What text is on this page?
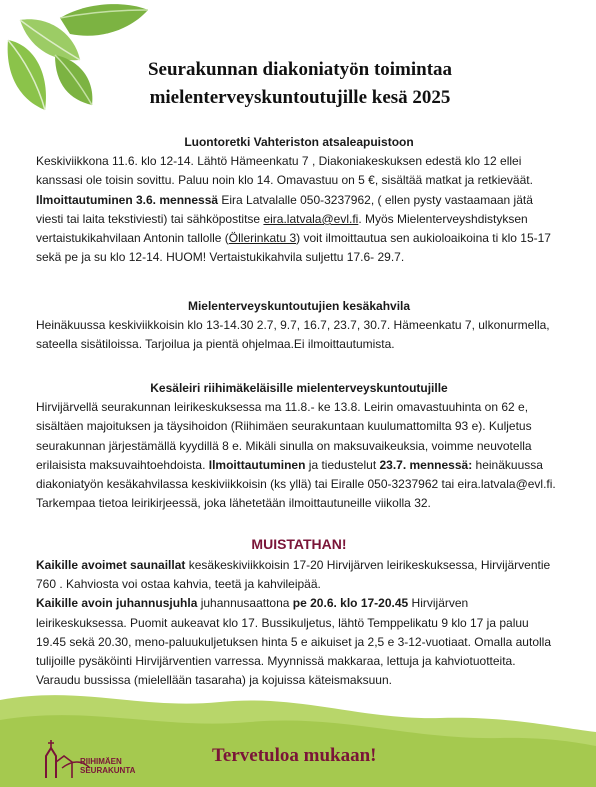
Seurakunnan diakoniatyön toimintaa
mielenterveyskuntoutujille kesä 2025
Luontoretki Vahteriston atsaleapuistoon

Keskiviikkona 11.6. klo 12-14. Lähtö Hämeenkatu 7 , Diakoniakeskuksen edestä klo 12 ellei kanssasi ole toisin sovittu. Paluu noin klo 14. Omavastuu on 5 €, sisältää matkat ja retkieväät. Ilmoittautuminen 3.6. mennessä Eira Latvalalle 050-3237962, ( ellen pysty vastaamaan jätä viesti tai laita tekstiviesti) tai sähköpostitse eira.latvala@evl.fi. Myös Mielenterveyshdistyksen vertaistukikahvilaan Antonin tallolle (Öllerinkatu 3) voit ilmoittautua sen aukioloaikoina ti klo 15-17 sekä pe ja su klo 12-14. HUOM! Vertaistukikahvila suljettu 17.6- 29.7.

Mielenterveyskuntoutujien kesäkahvila

Heinäkuussa keskiviikkoisin klo 13-14.30 2.7, 9.7, 16.7, 23.7, 30.7. Hämeenkatu 7, ulkonurmella, sateella sisätiloissa. Tarjoilua ja pientä ohjelmaa.Ei ilmoittautumista.

Kesäleiri riihimäkeläisille mielenterveyskuntoutujille

Hirvijärvellä seurakunnan leirikeskuksessa ma 11.8.- ke 13.8. Leirin omavastuuhinta on 62 e, sisältäen majoituksen ja täysihoidon (Riihimäen seurakuntaan kuulumattomilta 93 e). Kuljetus seurakunnan järjestämällä kyydillä 8 e. Mikäli sinulla on maksuvaikeuksia, voimme neuvotella erilaisista maksuvaihtoehdoista. Ilmoittautuminen ja tiedustelut 23.7. mennessä: heinäkuussa diakoniatyön kesäkahvilassa keskiviikkoisin (ks yllä) tai Eiralle 050-3237962 tai eira.latvala@evl.fi. Tarkempaa tietoa leirikirjeessä, joka lähetetään ilmoittautuneille viikolla 32.

MUISTATHAN!

Kaikille avoimet saunaillat kesäkeskiviikkoisin 17-20 Hirvijärven leirikeskuksessa, Hirvijärventie 760 . Kahviosta voi ostaa kahvia, teetä ja kahvileipää.
Kaikille avoin juhannusjuhla juhannusaattona pe 20.6. klo 17-20.45 Hirvijärven leirikeskuksessa. Puomit aukeavat klo 17. Bussikuljetus, lähtö Temppelikatu 9 klo 17 ja paluu 19.45 sekä 20.30, meno-paluukuljetuksen hinta 5 e aikuiset ja 2,5 e 3-12-vuotiaat. Omalla autolla tulijoille pysäköinti Hirvijärventien varressa. Myynnissä makkaraa, lettuja ja kahviotuotteita. Varaudu bussissa (mielellään tasaraha) ja kojuissa käteismaksuun.

RIIHIMÄEN
SEURAKUNTA
Tervetuloa mukaan!
